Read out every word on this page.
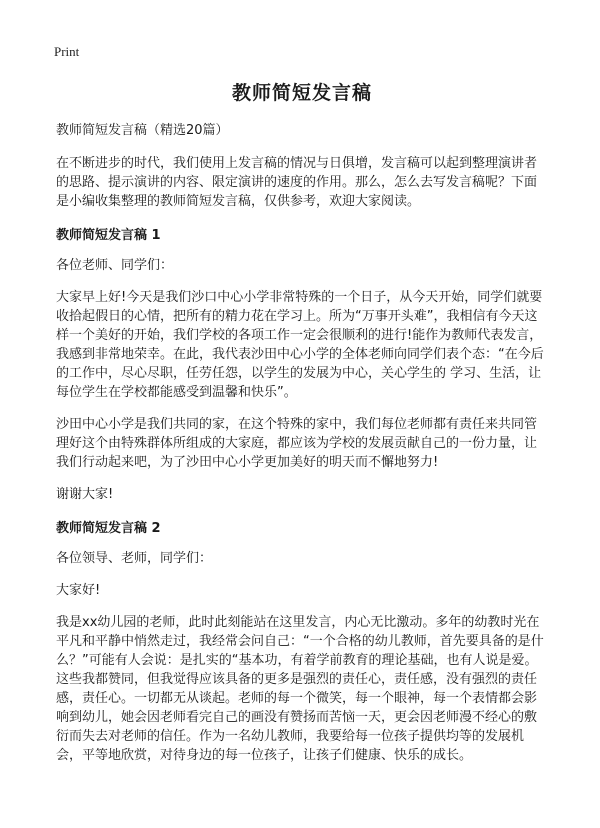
Print
教师简短发言稿

教师简短发言稿（精选20篇）

在不断进步的时代，我们使用上发言稿的情况与日俱增，发言稿可以起到整理演讲者的思路、提示演讲的内容、限定演讲的速度的作用。那么，怎么去写发言稿呢？下面是小编收集整理的教师简短发言稿，仅供参考，欢迎大家阅读。

教师简短发言稿 1

各位老师、同学们：

大家早上好!今天是我们沙口中心小学非常特殊的一个日子，从今天开始，同学们就要收拾起假日的心情，把所有的精力花在学习上。所为“万事开头难”，我相信有今天这样一个美好的开始，我们学校的各项工作一定会很顺利的进行!能作为教师代表发言，我感到非常地荣幸。在此，我代表沙田中心小学的全体老师向同学们表个态：“在今后的工作中，尽心尽职，任劳任怨，以学生的发展为中心，关心学生的 学习、生活，让每位学生在学校都能感受到温馨和快乐”。

沙田中心小学是我们共同的家，在这个特殊的家中，我们每位老师都有责任来共同管理好这个由特殊群体所组成的大家庭，都应该为学校的发展贡献自己的一份力量，让我们行动起来吧，为了沙田中心小学更加美好的明天而不懈地努力!

谢谢大家!

教师简短发言稿 2

各位领导、老师，同学们：

大家好!

我是xx幼儿园的老师，此时此刻能站在这里发言，内心无比激动。多年的幼教时光在平凡和平静中悄然走过，我经常会问自己：“一个合格的幼儿教师，首先要具备的是什么？”可能有人会说：是扎实的“基本功，有着学前教育的理论基础，也有人说是爱。这些我都赞同，但我觉得应该具备的更多是强烈的责任心，责任感，没有强烈的责任感，责任心。一切都无从谈起。老师的每一个微笑，每一个眼神，每一个表情都会影响到幼儿，她会因老师看完自己的画没有赞扬而苦恼一天，更会因老师漫不经心的敷衍而失去对老师的信任。作为一名幼儿教师，我要给每一位孩子提供均等的发展机会，平等地欣赏，对待身边的每一位孩子，让孩子们健康、快乐的成长。
